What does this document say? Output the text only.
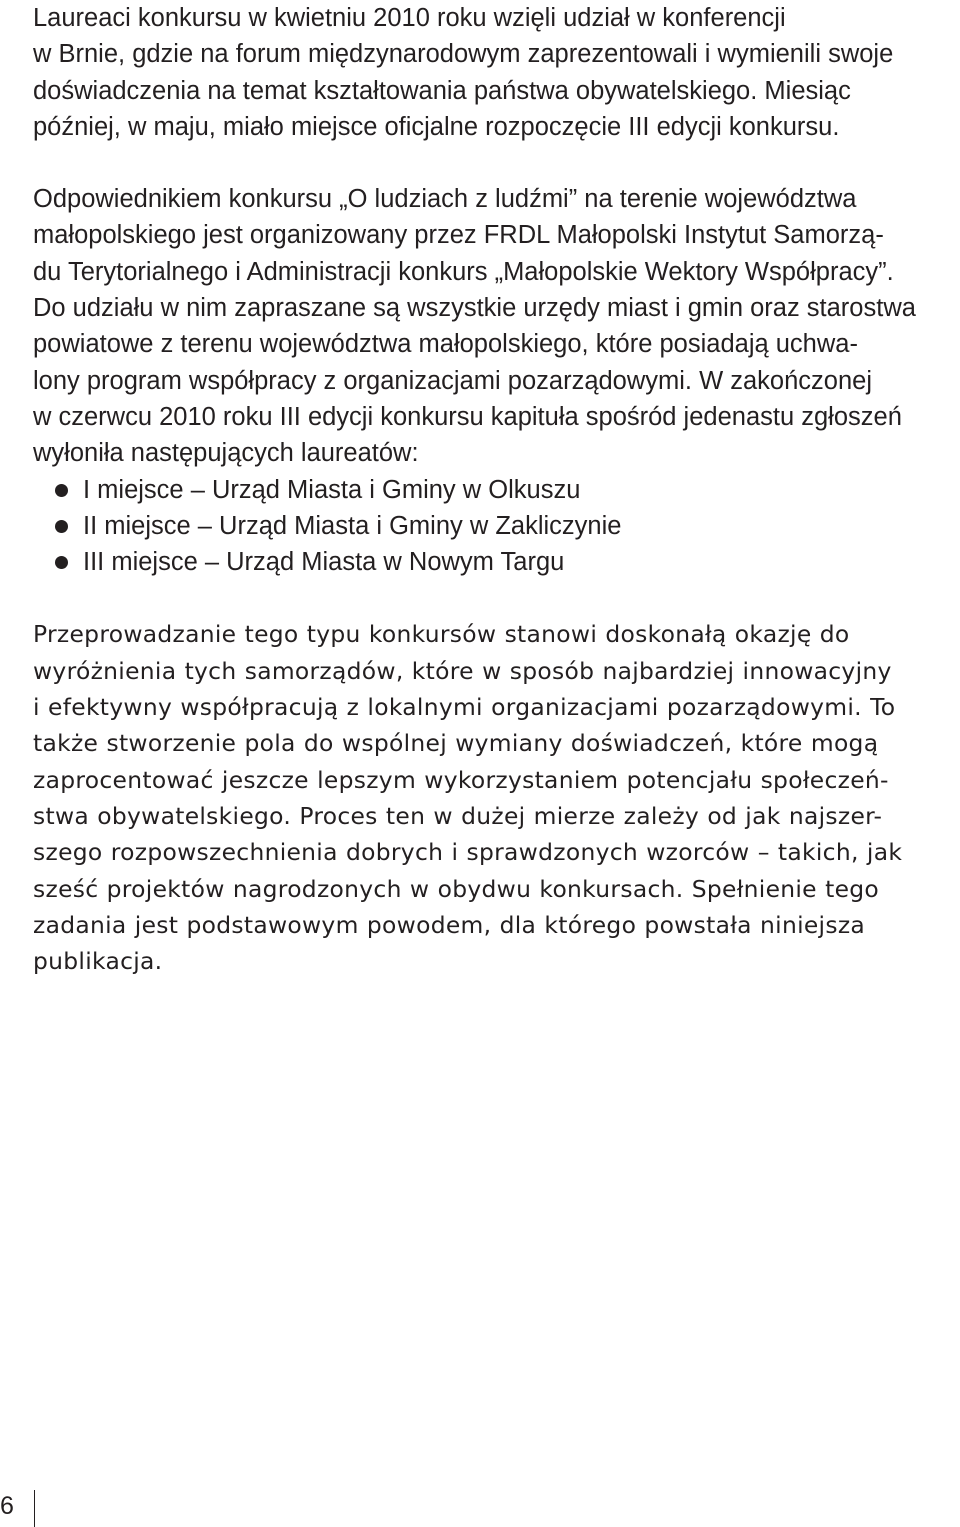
Laureaci konkursu w kwietniu 2010 roku wzięli udział w konferencji
w Brnie, gdzie na forum międzynarodowym zaprezentowali i wymienili swoje
doświadczenia na temat kształtowania państwa obywatelskiego. Miesiąc
później, w maju, miało miejsce oficjalne rozpoczęcie III edycji konkursu.
Odpowiednikiem konkursu „O ludziach z ludźmi” na terenie województwa
małopolskiego jest organizowany przez FRDL Małopolski Instytut Samorzą-
du Terytorialnego i Administracji konkurs „Małopolskie Wektory Współpracy”.
Do udziału w nim zapraszane są wszystkie urzędy miast i gmin oraz starostwa
powiatowe z terenu województwa małopolskiego, które posiadają uchwa-
lony program współpracy z organizacjami pozarządowymi. W zakończonej
w czerwcu 2010 roku III edycji konkursu kapituła spośród jedenastu zgłoszeń
wyłoniła następujących laureatów:
I miejsce – Urząd Miasta i Gminy w Olkuszu
II miejsce – Urząd Miasta i Gminy w Zakliczynie
III miejsce – Urząd Miasta w Nowym Targu
Przeprowadzanie tego typu konkursów stanowi doskonałą okazję do
wyróżnienia tych samorządów, które w sposób najbardziej innowacyjny
i efektywny współpracują z lokalnymi organizacjami pozarządowymi. To
także stworzenie pola do wspólnej wymiany doświadczeń, które mogą
zaprocentować jeszcze lepszym wykorzystaniem potencjału społeczeń-
stwa obywatelskiego. Proces ten w dużej mierze zależy od jak najszer-
szego rozpowszechnienia dobrych i sprawdzonych wzorców – takich, jak
sześć projektów nagrodzonych w obydwu konkursach. Spełnienie tego
zadania jest podstawowym powodem, dla którego powstała niniejsza
publikacja.
6
